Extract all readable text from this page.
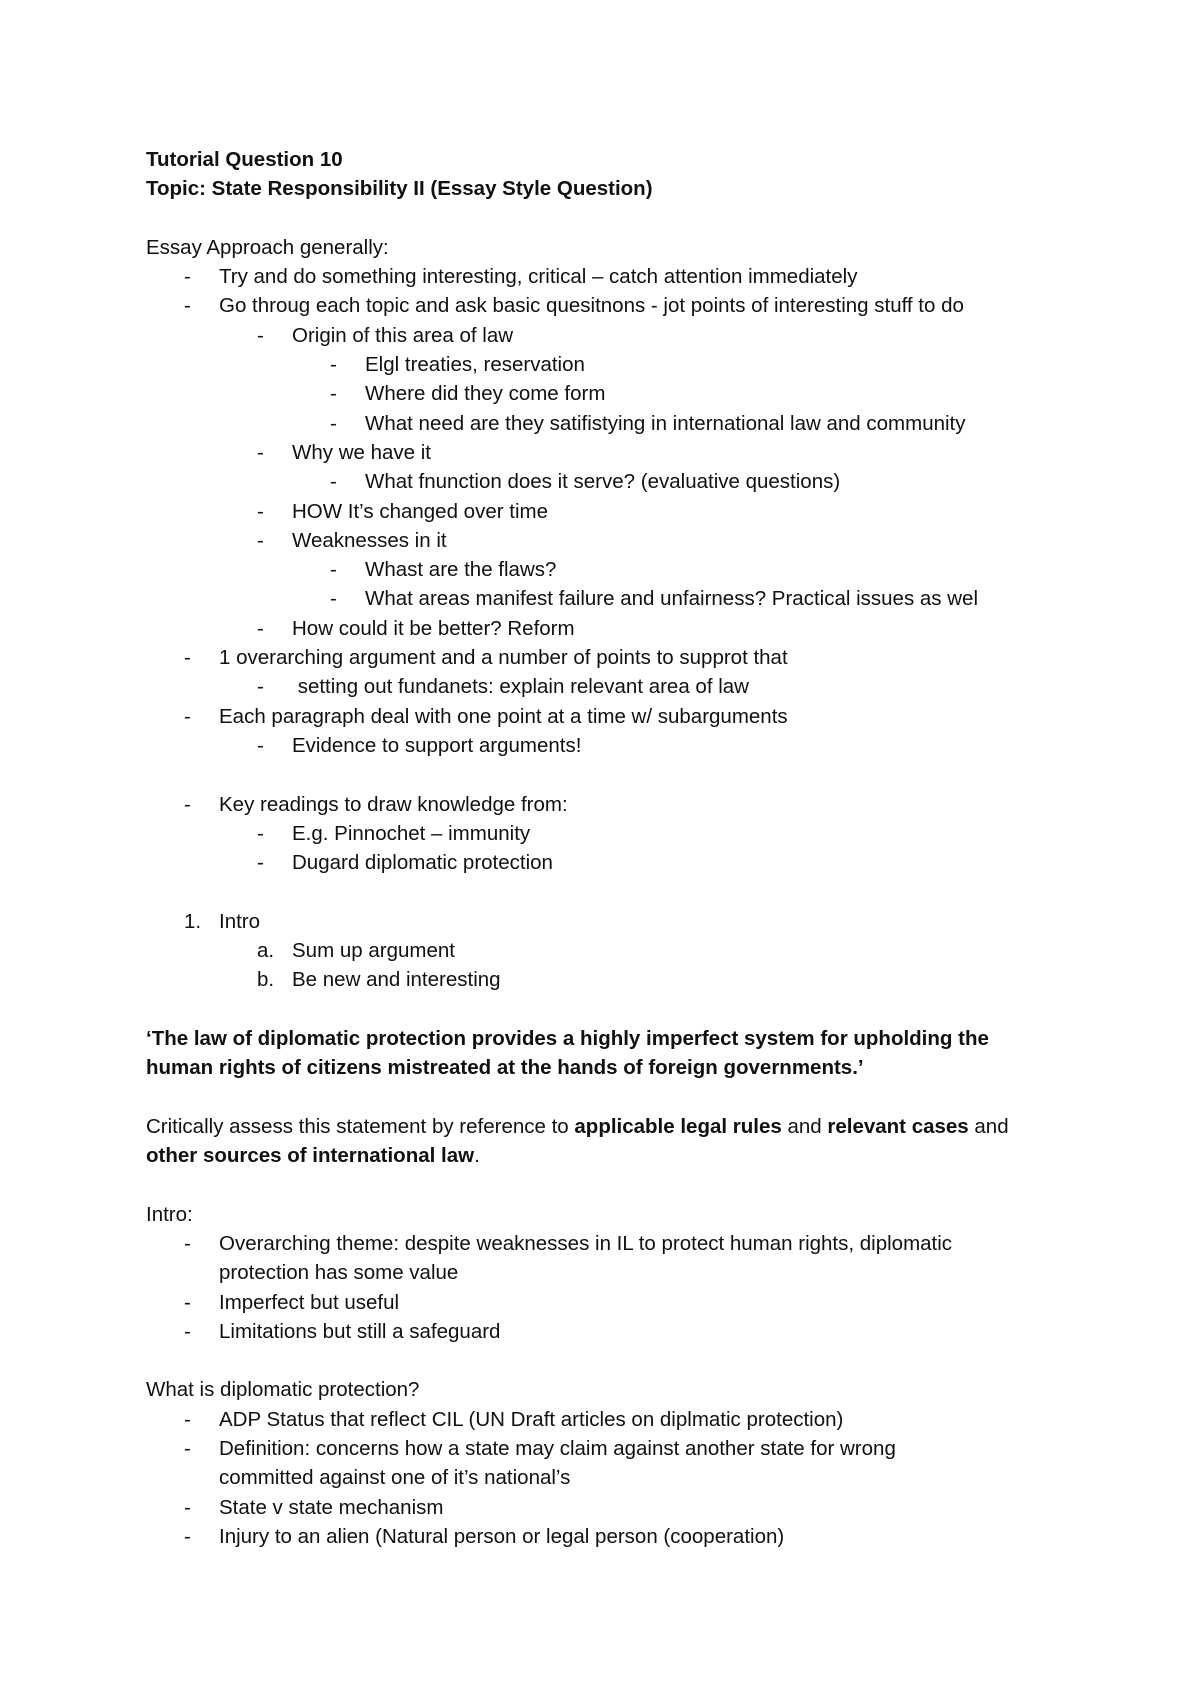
Tutorial Question 10
Topic: State Responsibility II (Essay Style Question)
Essay Approach generally:
- Try and do something interesting, critical – catch attention immediately
- Go throug each topic and ask basic quesitnons - jot points of interesting stuff to do
- Origin of this area of law
- Elgl treaties, reservation
- Where did they come form
- What need are they satifistying in international law and community
- Why we have it
- What fnunction does it serve? (evaluative questions)
- HOW It’s changed over time
- Weaknesses in it
- Whast are the flaws?
- What areas manifest failure and unfairness? Practical issues as wel
- How could it be better? Reform
- 1 overarching argument and a number of points to supprot that
- setting out fundanets: explain relevant area of law
- Each paragraph deal with one point at a time w/ subarguments
- Evidence to support arguments!
- Key readings to draw knowledge from:
- E.g. Pinnochet – immunity
- Dugard diplomatic protection
1. Intro
a. Sum up argument
b. Be new and interesting
‘The law of diplomatic protection provides a highly imperfect system for upholding the human rights of citizens mistreated at the hands of foreign governments.’
Critically assess this statement by reference to applicable legal rules and relevant cases and other sources of international law.
Intro:
- Overarching theme: despite weaknesses in IL to protect human rights, diplomatic protection has some value
- Imperfect but useful
- Limitations but still a safeguard
What is diplomatic protection?
- ADP Status that reflect CIL (UN Draft articles on diplmatic protection)
- Definition: concerns how a state may claim against another state for wrong committed against one of it’s national’s
- State v state mechanism
- Injury to an alien (Natural person or legal person (cooperation)
